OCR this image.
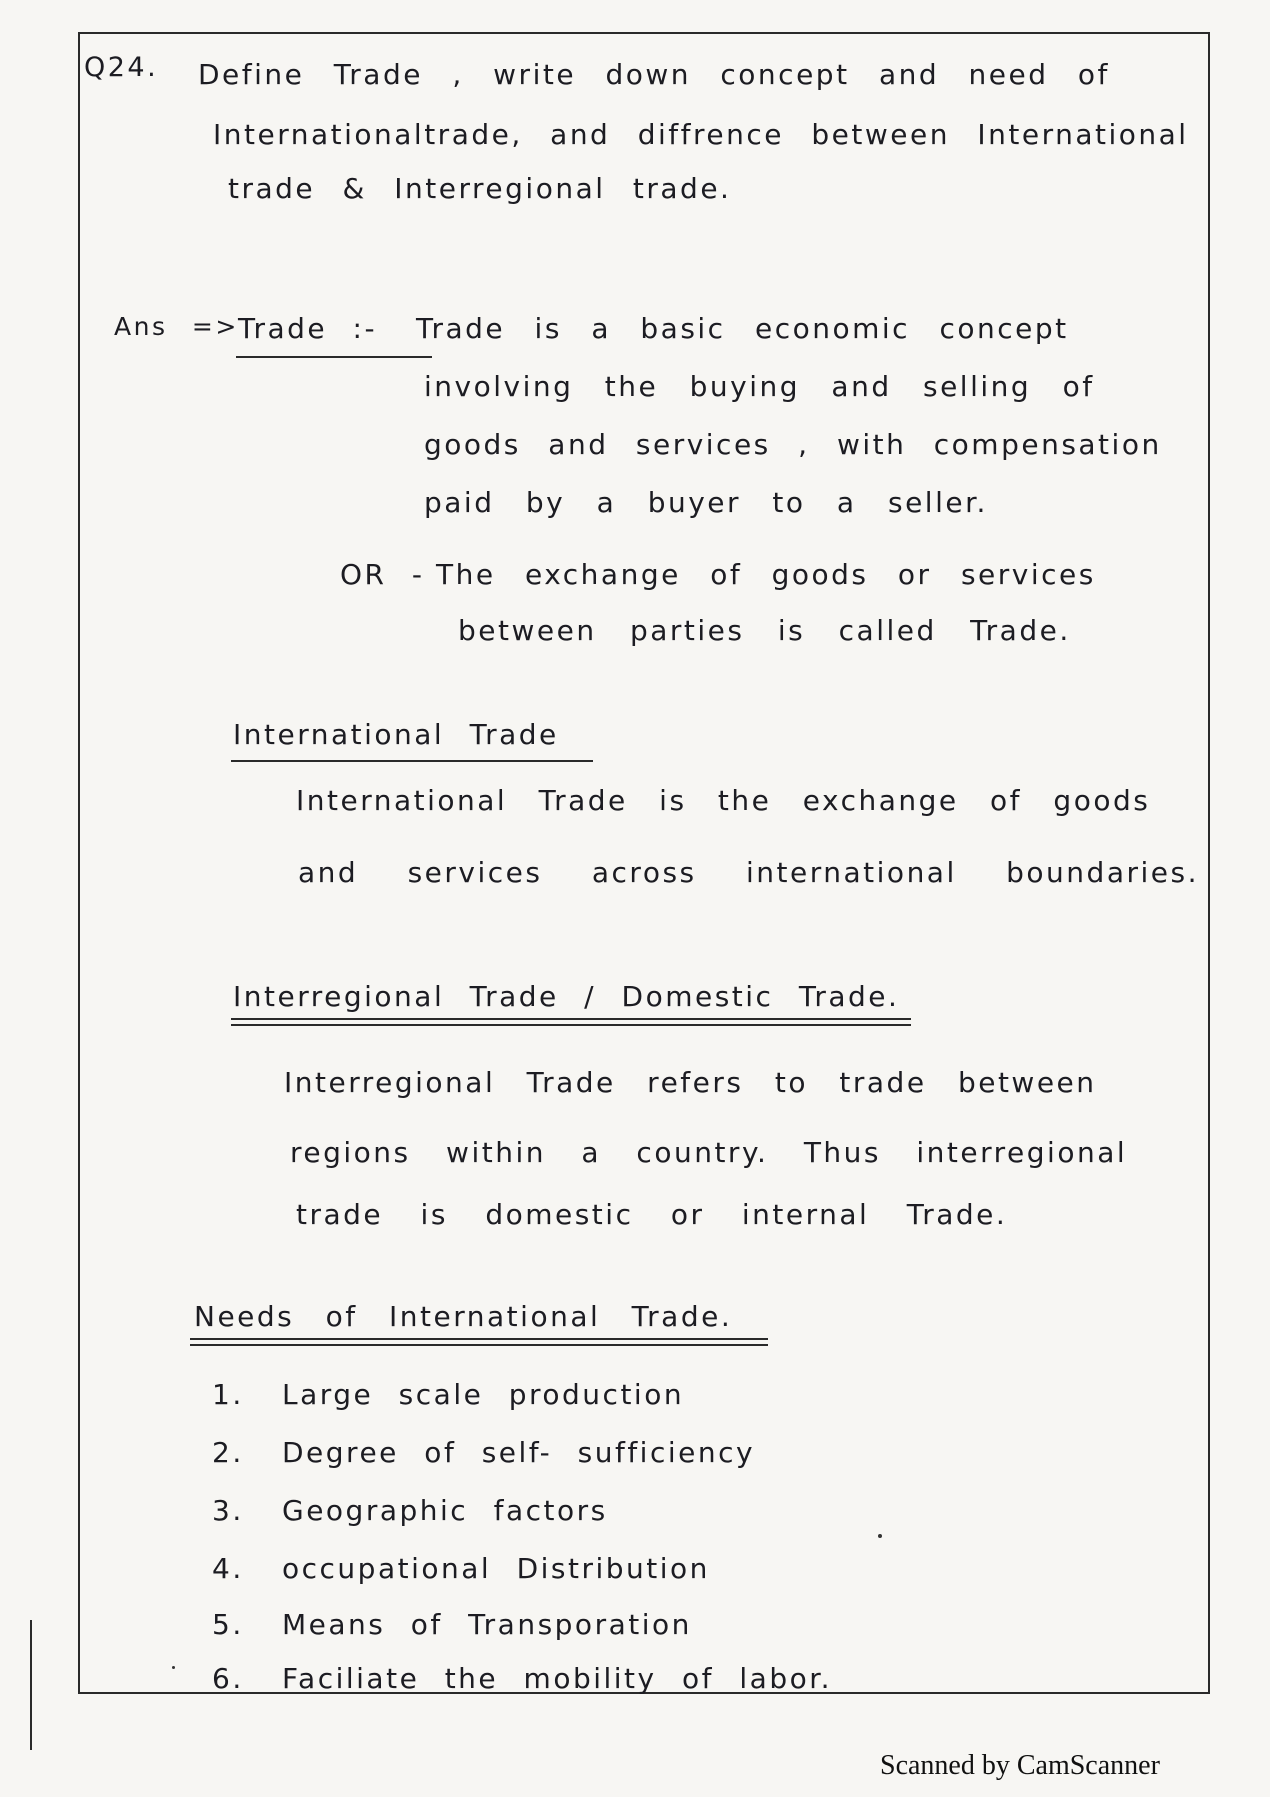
Q24. Define Trade , write down concept and need of
Internationaltrade, and diffrence between International
trade & Interregional trade.
Ans => Trade :- Trade is a basic economic concept
involving the buying and selling of
goods and services , with compensation
paid by a buyer to a seller.
OR - The exchange of goods or services
between parties is called Trade.
International Trade
International Trade is the exchange of goods
and services across international boundaries.
Interregional Trade / Domestic Trade.
Interregional Trade refers to trade between
regions within a country. Thus interregional
trade is domestic or internal Trade.
Needs of International Trade.
1. Large scale production
2. Degree of self- sufficiency
3. Geographic factors
4. occupational Distribution
5. Means of Transporation
6. Faciliate the mobility of labor.
Scanned by CamScanner
